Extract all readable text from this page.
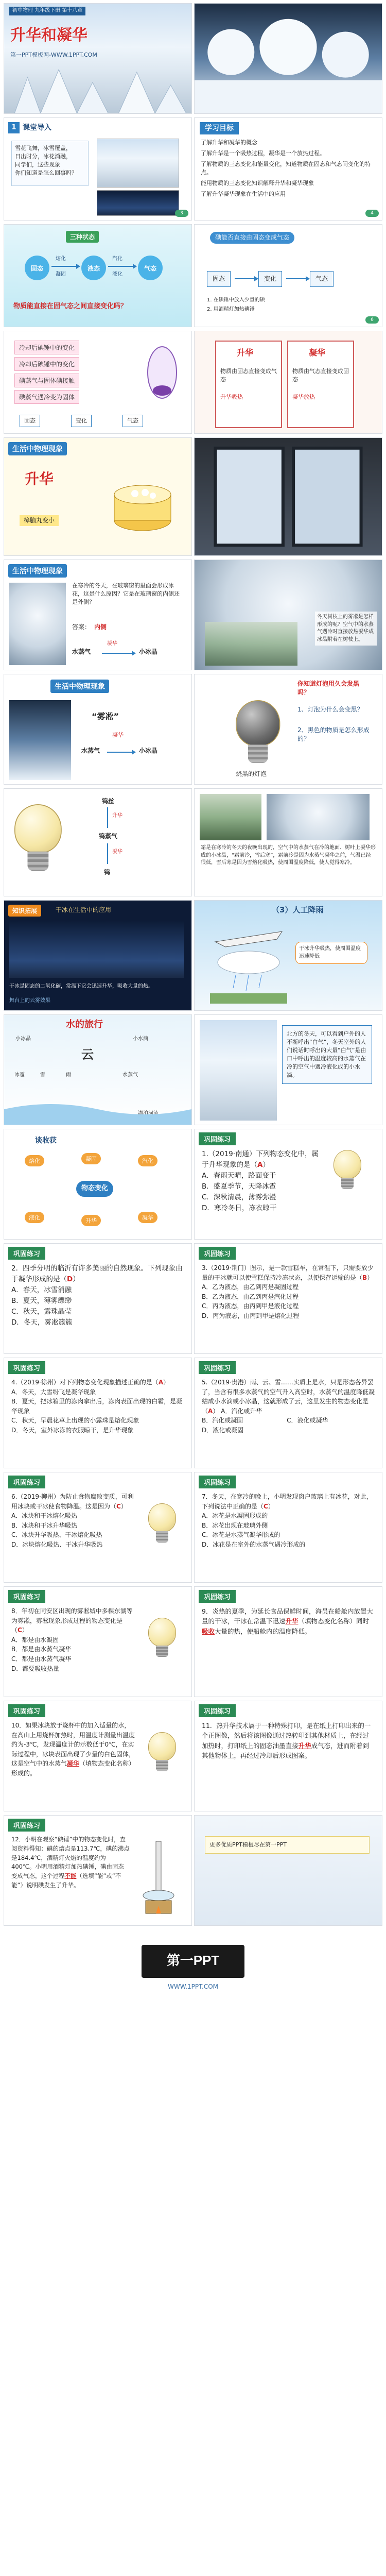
初中物理 九年级下册 第十八章
升华和凝华
第一PPT模板网-WWW.1PPT.COM
1 课堂导入
雪花飞舞，冰雪覆盖，
日出时分，冰花消融，
同学们，这些现象
你们知道是怎么回事吗？
3
学习目标
了解升华和凝华的概念
了解升华是一个吸热过程，凝华是一个放热过程。
了解物质的三态变化和能量变化，知道物质在固态和气态间变化的特点。
能用物质的三态变化知识解释升华和凝华现象
了解升华凝华现象在生活中的应用
4
三种状态
固态	液态	气态
熔化
凝固
汽化
液化
物质能直接在固气态之间直接变化吗？
碘能否直接由固态变成气态
固态	变化	气态
1. 在碘锤中放入少量的碘
2. 用酒精灯加热碘锤
6
冷却后碘锤中的变化
冷却后碘锤中的变化
碘蒸气与固体碘接触
碘蒸气遇冷变为固体
固态	变化	气态
升华
物质由固态直接变成气态
升华吸热
凝华
物质由气态直接变成固态
凝华放热
生活中物理现象
升华
樟脑丸变小
生活中物理现象
在寒冷的冬天，在玻璃窗的里面会形成冰花，这是什么原因？它是在玻璃窗的内侧还是外侧？
答案： 内侧
水蒸气
凝华
小冰晶
冬天树枝上的雾凇是怎样形成的呢？空气中的水蒸气遇冷时直接放热凝华成冰晶附着在树枝上。
生活中物理现象
“雾凇”
凝华
水蒸气	小冰晶
你知道灯泡用久会发黑吗？
1、灯泡为什么会变黑？
2、黑色的物质是怎么形成的？
烧黑的灯泡
钨丝
升华
钨蒸气
凝华
钨
霜是在寒冷的冬天的夜晚出现的，空气中的水蒸气在冷的地面、树叶上凝华形成的小冰晶，“霜前冷，雪后寒”，霜前冷是因为水蒸气凝华之前，气温已经很低，雪后寒是因为雪熔化吸热，使周围温度降低，使人觉得寒冷。
知识拓展	干冰在生活中的应用
干冰是固态的二氧化碳，常温下它会迅速升华，吸收大量的热。
舞台上的云雾效果
（3）人工降雨
干冰升华吸热，使周围温度迅速降低
水的旅行
小冰晶	小水滴
云
冰雹	雪	雨	水蒸气
湖泊河流
北方的冬天，可以看到户外的人不断呼出“白气”，冬天室外的人们说话时呼出的大量“白气”是由口中呼出的温度较高的水蒸气在冷的空气中遇冷液化成的小水滴。
谈收获
物态变化
熔化	凝固	汽化
液化	升华	凝华
巩固练习
1.（2019·南通）下列物态变化中，属于升华现象的是（A）
A．春雨天晴，路面变干
B．盛夏季节，天降冰雹
C．深秋清晨，薄雾弥漫
D．寒冷冬日，冻衣晾干
巩固练习
2．四季分明的临沂有许多美丽的自然现象。下列现象由于凝华形成的是（D）
A．春天，冰雪消融
B．夏天，薄雾缥缈
C．秋天，露珠晶莹
D．冬天，雾凇簇簇
巩固练习
3.（2019·荆门）图示，是一款雪糕车，在常温下，只需要放少量的干冰就可以使雪糕保持冷冻状态，以便保存运输的是（B）
A．乙为液态，由乙到丙是凝固过程
B．乙为液态，由乙到丙是汽化过程
C．丙为液态，由丙到甲是液化过程
D．丙为液态，由丙到甲是熔化过程
巩固练习
4.（2019·徐州）对下列物态变化现象描述正确的是（A）
A．冬天，大雪纷飞是凝华现象
B．夏天，把冰箱里的冻肉拿出后，冻肉表面出现的白霜，是凝华现象
C．秋天，早晨花草上出现的小露珠是熔化现象
D．冬天，室外冰冻的衣服晾干，是升华现象
巩固练习
5.（2019·贵港）雨、云、雪……实质上是水，只是形态各异罢了，当含有很多水蒸气的空气升入高空时，水蒸气的温度降低凝结成小水滴或小冰晶，这就形成了云，这里发生的物态变化是（A） A．汽化或升华 B．汽化或凝固	C．液化或凝华 D．液化或凝固
巩固练习
6.（2019·柳州）为防止食物腐败变质，可利用冰块或干冰使食物降温。这是因为（C）
A．冰块和干冰熔化吸热
B．冰块和干冰升华吸热
C．冰块升华吸热、干冰熔化吸热
D．冰块熔化吸热、干冰升华吸热
巩固练习
7．冬天，在寒冷的晚上，小明发现窗户玻璃上有冰花，对此，下列说法中正确的是（C）
A．冰花是水凝固形成的
B．冰花出现在玻璃外侧
C．冰花是水蒸气凝华形成的
D．冰花是在室外的水蒸气遇冷形成的
巩固练习
8．年初在同安区出现的雾凇城中多棵东湖等为雾凇，雾凇现象形成过程的物态变化是（C）
A．都是由水凝固
B．都是由水蒸气凝华
C．都是由水蒸气凝华
D．都要吸收热量
巩固练习
9．炎热的夏季，为延长食品保鲜时间，海员在船舱内放置大量的干冰，干冰在常温下迅速升华（填物态变化名称）同时吸收大量的热，使船舱内的温度降低。
巩固练习
10．如果冰块放于烧杯中的加入适量的水，在高山上用烧杯加热时，用温度计测量出温度约为-3℃，发现温度计的示数低于0℃，在实际过程中，冰块表面出现了少量的白色固体，这是空气中的水蒸气凝华（填物态变化名称）形成的。
巩固练习
11．热升华技术属于一种特殊打印，是在纸上打印出来的一个正图像，然后将该图像通过热转印到其他材质上，在经过加热时，打印纸上的固态油墨直接升华成气态，进而附着到其他物体上，再经过冷却后形成图案。
巩固练习
12．小明在观察“碘锤”中的物态变化时，查阅资料得知：碘的熔点是113.7℃，碘的沸点是184.4℃，酒精灯火焰的温度约为400℃。小明用酒精灯加热碘锤，碘由固态变成气态，这个过程不能（选填“能”或“不能”）说明碘发生了升华。
更多优质PPT模板尽在第一PPT
第一PPT
WWW.1PPT.COM
